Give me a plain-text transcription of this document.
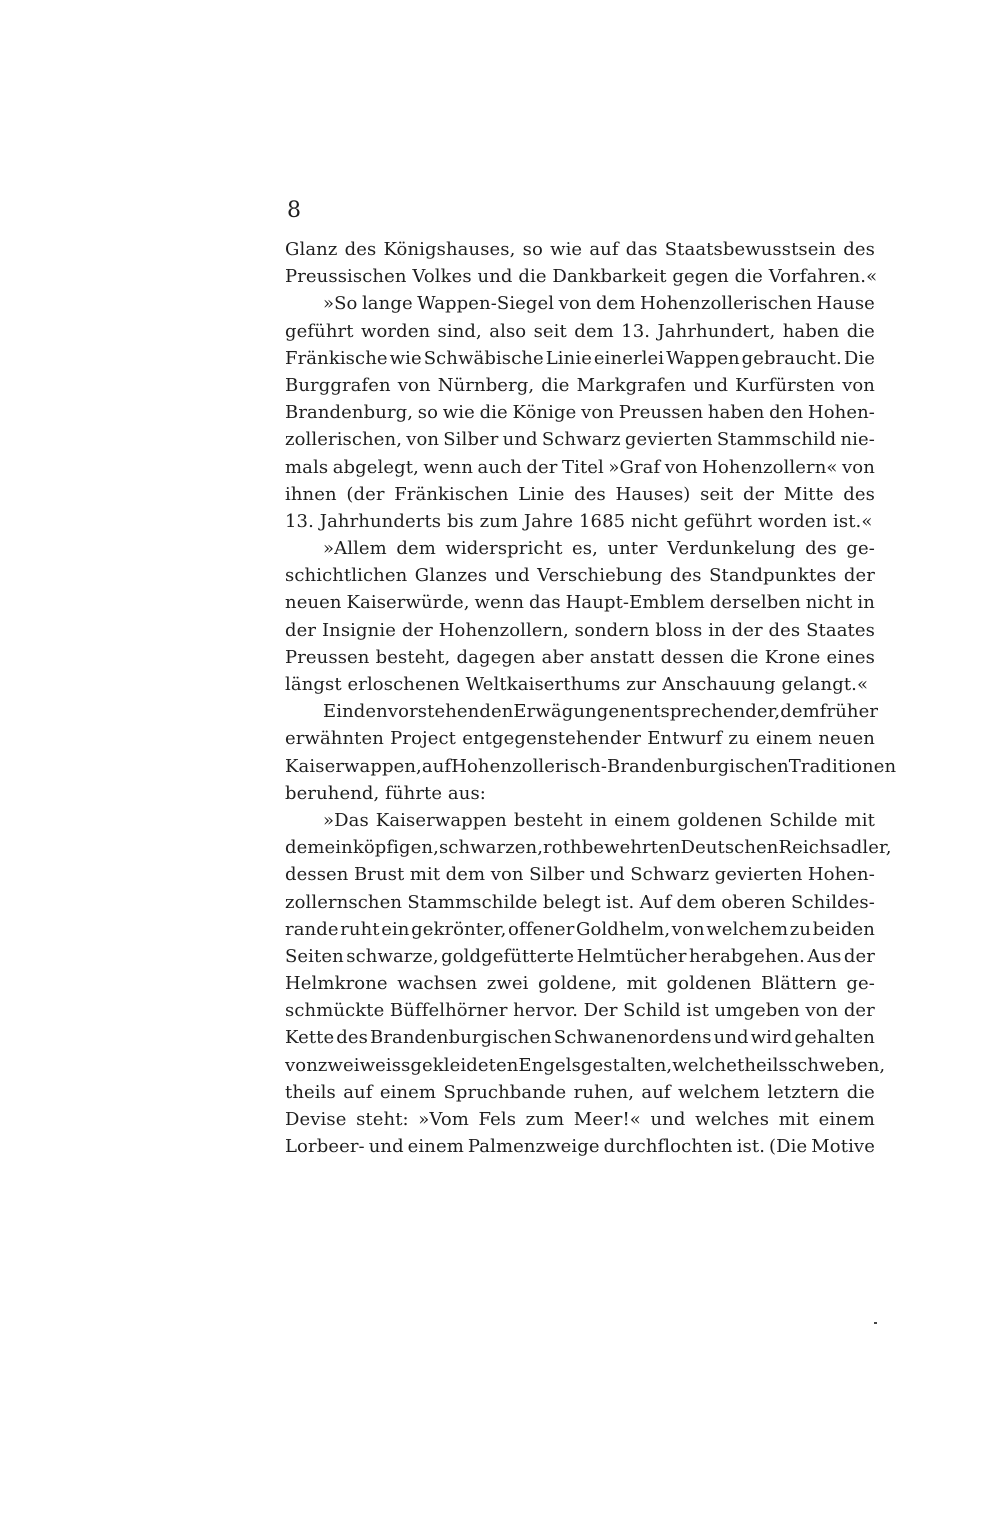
8
Glanz des Königshauses, so wie auf das Staatsbewusstsein des
Preussischen Volkes und die Dankbarkeit gegen die Vorfahren.«
»So lange Wappen-Siegel von dem Hohenzollerischen Hause
geführt worden sind, also seit dem 13. Jahrhundert, haben die
Fränkische wie Schwäbische Linie einerlei Wappen gebraucht. Die
Burggrafen von Nürnberg, die Markgrafen und Kurfürsten von
Brandenburg, so wie die Könige von Preussen haben den Hohen-
zollerischen, von Silber und Schwarz gevierten Stammschild nie-
mals abgelegt, wenn auch der Titel »Graf von Hohenzollern« von
ihnen (der Fränkischen Linie des Hauses) seit der Mitte des
13. Jahrhunderts bis zum Jahre 1685 nicht geführt worden ist.«
»Allem dem widerspricht es, unter Verdunkelung des ge-
schichtlichen Glanzes und Verschiebung des Standpunktes der
neuen Kaiserwürde, wenn das Haupt-Emblem derselben nicht in
der Insignie der Hohenzollern, sondern bloss in der des Staates
Preussen besteht, dagegen aber anstatt dessen die Krone eines
längst erloschenen Weltkaiserthums zur Anschauung gelangt.«
Ein den vorstehenden Erwägungen entsprechender, dem früher
erwähnten Project entgegenstehender Entwurf zu einem neuen
Kaiserwappen, auf Hohenzollerisch-Brandenburgischen Traditionen
beruhend, führte aus:
»Das Kaiserwappen besteht in einem goldenen Schilde mit
dem einköpfigen, schwarzen, rothbewehrten Deutschen Reichsadler,
dessen Brust mit dem von Silber und Schwarz gevierten Hohen-
zollernschen Stammschilde belegt ist. Auf dem oberen Schildes-
rande ruht ein gekrönter, offener Goldhelm, von welchem zu beiden
Seiten schwarze, goldgefütterte Helmtücher herabgehen. Aus der
Helmkrone wachsen zwei goldene, mit goldenen Blättern ge-
schmückte Büffelhörner hervor. Der Schild ist umgeben von der
Kette des Brandenburgischen Schwanenordens und wird gehalten
von zwei weissgekleideten Engelsgestalten, welche theils schweben,
theils auf einem Spruchbande ruhen, auf welchem letztern die
Devise steht: »Vom Fels zum Meer!« und welches mit einem
Lorbeer- und einem Palmenzweige durchflochten ist. (Die Motive
